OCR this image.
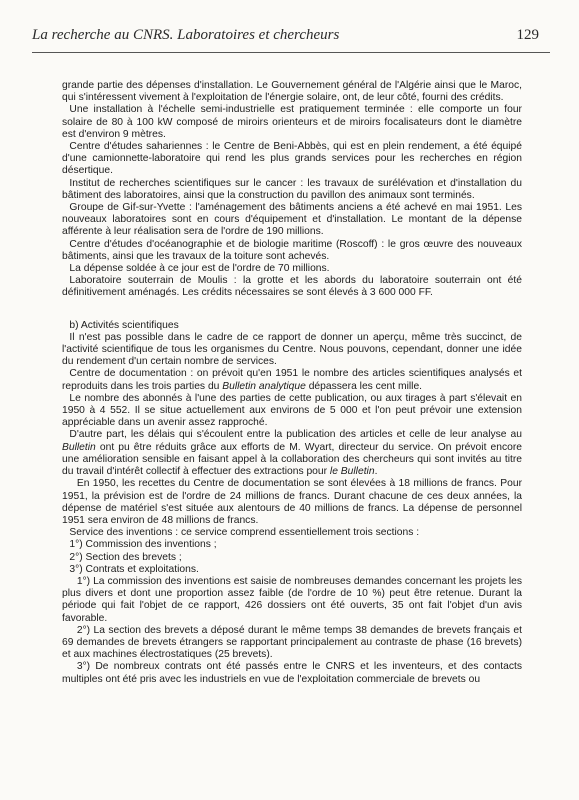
La recherche au CNRS. Laboratoires et chercheurs	129

grande partie des dépenses d'installation. Le Gouvernement général de l'Algérie ainsi que le Maroc, qui s'intéressent vivement à l'exploitation de l'énergie solaire, ont, de leur côté, fourni des crédits.

Une installation à l'échelle semi-industrielle est pratiquement terminée : elle comporte un four solaire de 80 à 100 kW composé de miroirs orienteurs et de miroirs focalisateurs dont le diamètre est d'environ 9 mètres.

Centre d'études sahariennes : le Centre de Beni-Abbès, qui est en plein rendement, a été équipé d'une camionnette-laboratoire qui rend les plus grands services pour les recherches en région désertique.

Institut de recherches scientifiques sur le cancer : les travaux de surélévation et d'installation du bâtiment des laboratoires, ainsi que la construction du pavillon des animaux sont terminés.

Groupe de Gif-sur-Yvette : l'aménagement des bâtiments anciens a été achevé en mai 1951. Les nouveaux laboratoires sont en cours d'équipement et d'installation. Le montant de la dépense afférente à leur réalisation sera de l'ordre de 190 millions.

Centre d'études d'océanographie et de biologie maritime (Roscoff) : le gros œuvre des nouveaux bâtiments, ainsi que les travaux de la toiture sont achevés.

La dépense soldée à ce jour est de l'ordre de 70 millions.

Laboratoire souterrain de Moulis : la grotte et les abords du laboratoire souterrain ont été définitivement aménagés. Les crédits nécessaires se sont élevés à 3 600 000 FF.

b) Activités scientifiques

Il n'est pas possible dans le cadre de ce rapport de donner un aperçu, même très succinct, de l'activité scientifique de tous les organismes du Centre. Nous pouvons, cependant, donner une idée du rendement d'un certain nombre de services.

Centre de documentation : on prévoit qu'en 1951 le nombre des articles scientifiques analysés et reproduits dans les trois parties du Bulletin analytique dépassera les cent mille.

Le nombre des abonnés à l'une des parties de cette publication, ou aux tirages à part s'élevait en 1950 à 4 552. Il se situe actuellement aux environs de 5 000 et l'on peut prévoir une extension appréciable dans un avenir assez rapproché.

D'autre part, les délais qui s'écoulent entre la publication des articles et celle de leur analyse au Bulletin ont pu être réduits grâce aux efforts de M. Wyart, directeur du service. On prévoit encore une amélioration sensible en faisant appel à la collaboration des chercheurs qui sont invités au titre du travail d'intérêt collectif à effectuer des extractions pour le Bulletin.

En 1950, les recettes du Centre de documentation se sont élevées à 18 millions de francs. Pour 1951, la prévision est de l'ordre de 24 millions de francs. Durant chacune de ces deux années, la dépense de matériel s'est située aux alentours de 40 millions de francs. La dépense de personnel 1951 sera environ de 48 millions de francs.

Service des inventions : ce service comprend essentiellement trois sections :

1°) Commission des inventions ;

2°) Section des brevets ;

3°) Contrats et exploitations.

1°) La commission des inventions est saisie de nombreuses demandes concernant les projets les plus divers et dont une proportion assez faible (de l'ordre de 10 %) peut être retenue. Durant la période qui fait l'objet de ce rapport, 426 dossiers ont été ouverts, 35 ont fait l'objet d'un avis favorable.

2°) La section des brevets a déposé durant le même temps 38 demandes de brevets français et 69 demandes de brevets étrangers se rapportant principalement au contraste de phase (16 brevets) et aux machines électrostatiques (25 brevets).

3°) De nombreux contrats ont été passés entre le CNRS et les inventeurs, et des contacts multiples ont été pris avec les industriels en vue de l'exploitation commerciale de brevets ou
